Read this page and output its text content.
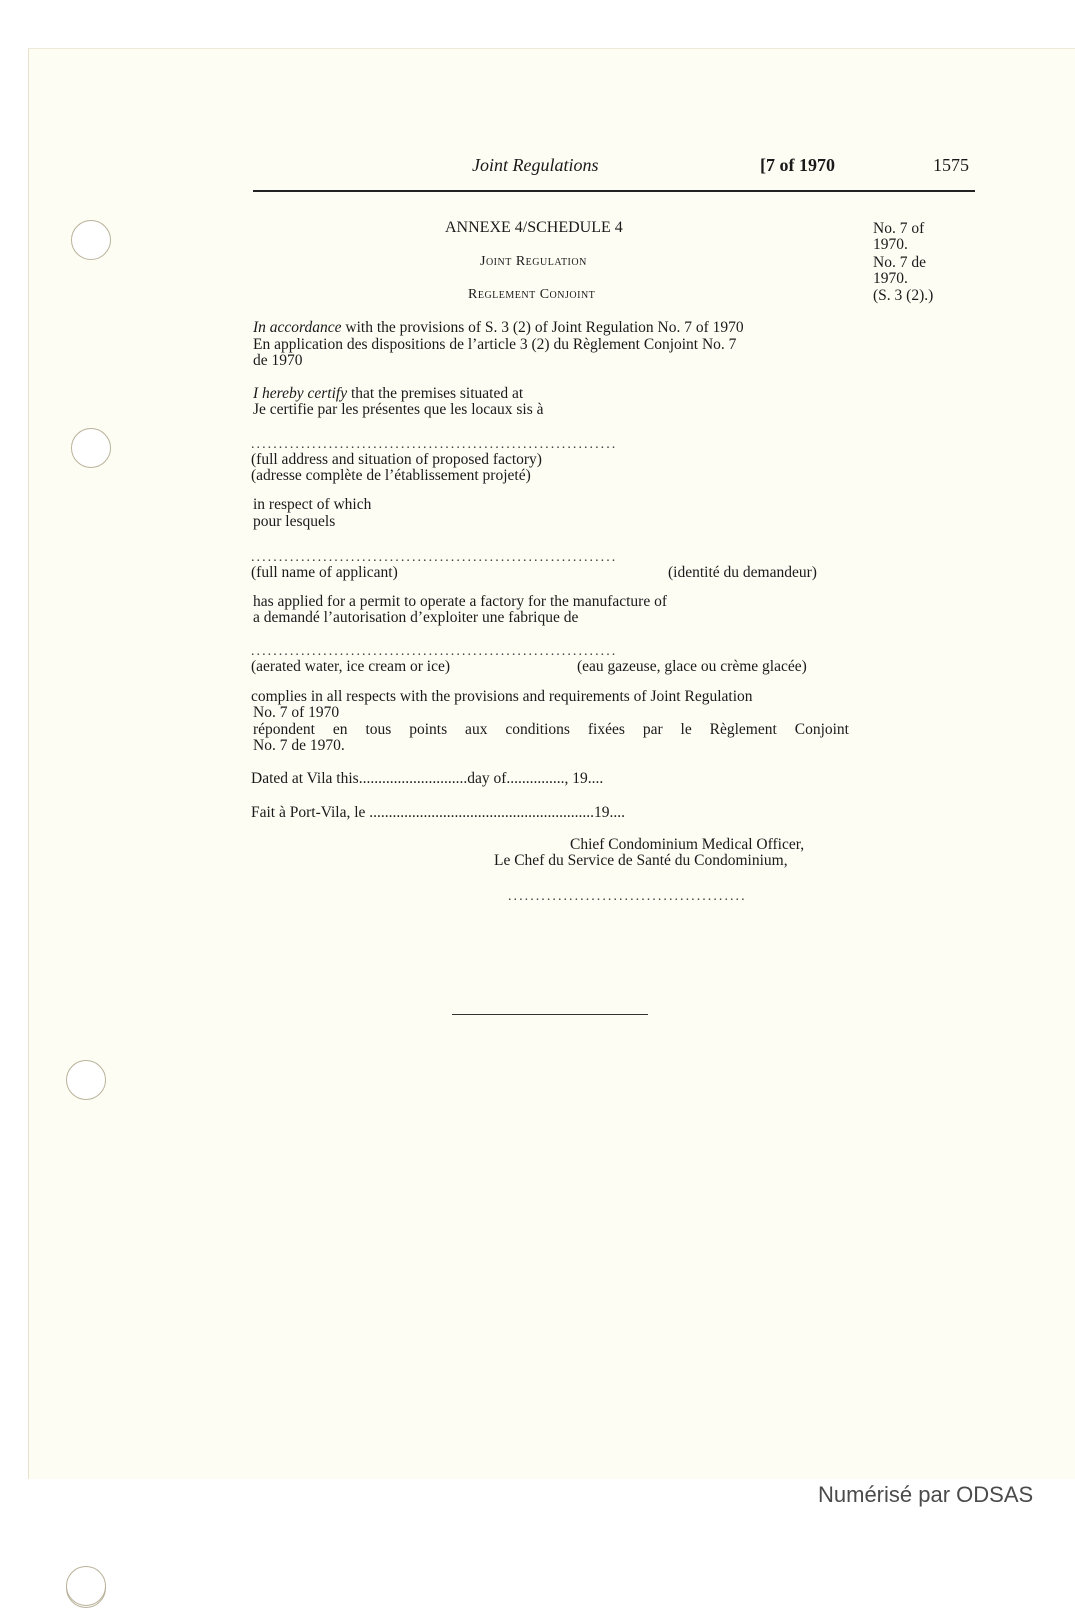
Joint Regulations	[7 of 1970	1575
ANNEXE 4/SCHEDULE 4
Joint Regulation
Reglement Conjoint
No. 7 of
1970.
No. 7 de
1970.
(S. 3 (2).)
In accordance with the provisions of S. 3 (2) of Joint Regulation No. 7 of 1970
En application des dispositions de l’article 3 (2) du Règlement Conjoint No. 7
de 1970
I hereby certify that the premises situated at
Je certifie par les présentes que les locaux sis à
..................................................................
(full address and situation of proposed factory)
(adresse complète de l’établissement projeté)
in respect of which
pour lesquels
..................................................................
(full name of applicant)	(identité du demandeur)
has applied for a permit to operate a factory for the manufacture of
a demandé l’autorisation d’exploiter une fabrique de
..................................................................
(aerated water, ice cream or ice)	(eau gazeuse, glace ou crème glacée)
complies in all respects with the provisions and requirements of Joint Regulation
No. 7 of 1970
répondent en tous points aux conditions fixées par le Règlement Conjoint
No. 7 de 1970.
Dated at Vila this............................day of..............., 19....
Fait à Port-Vila, le ..........................................................19....
Chief Condominium Medical Officer,
Le Chef du Service de Santé du Condominium,
...........................................
Numérisé par ODSAS
